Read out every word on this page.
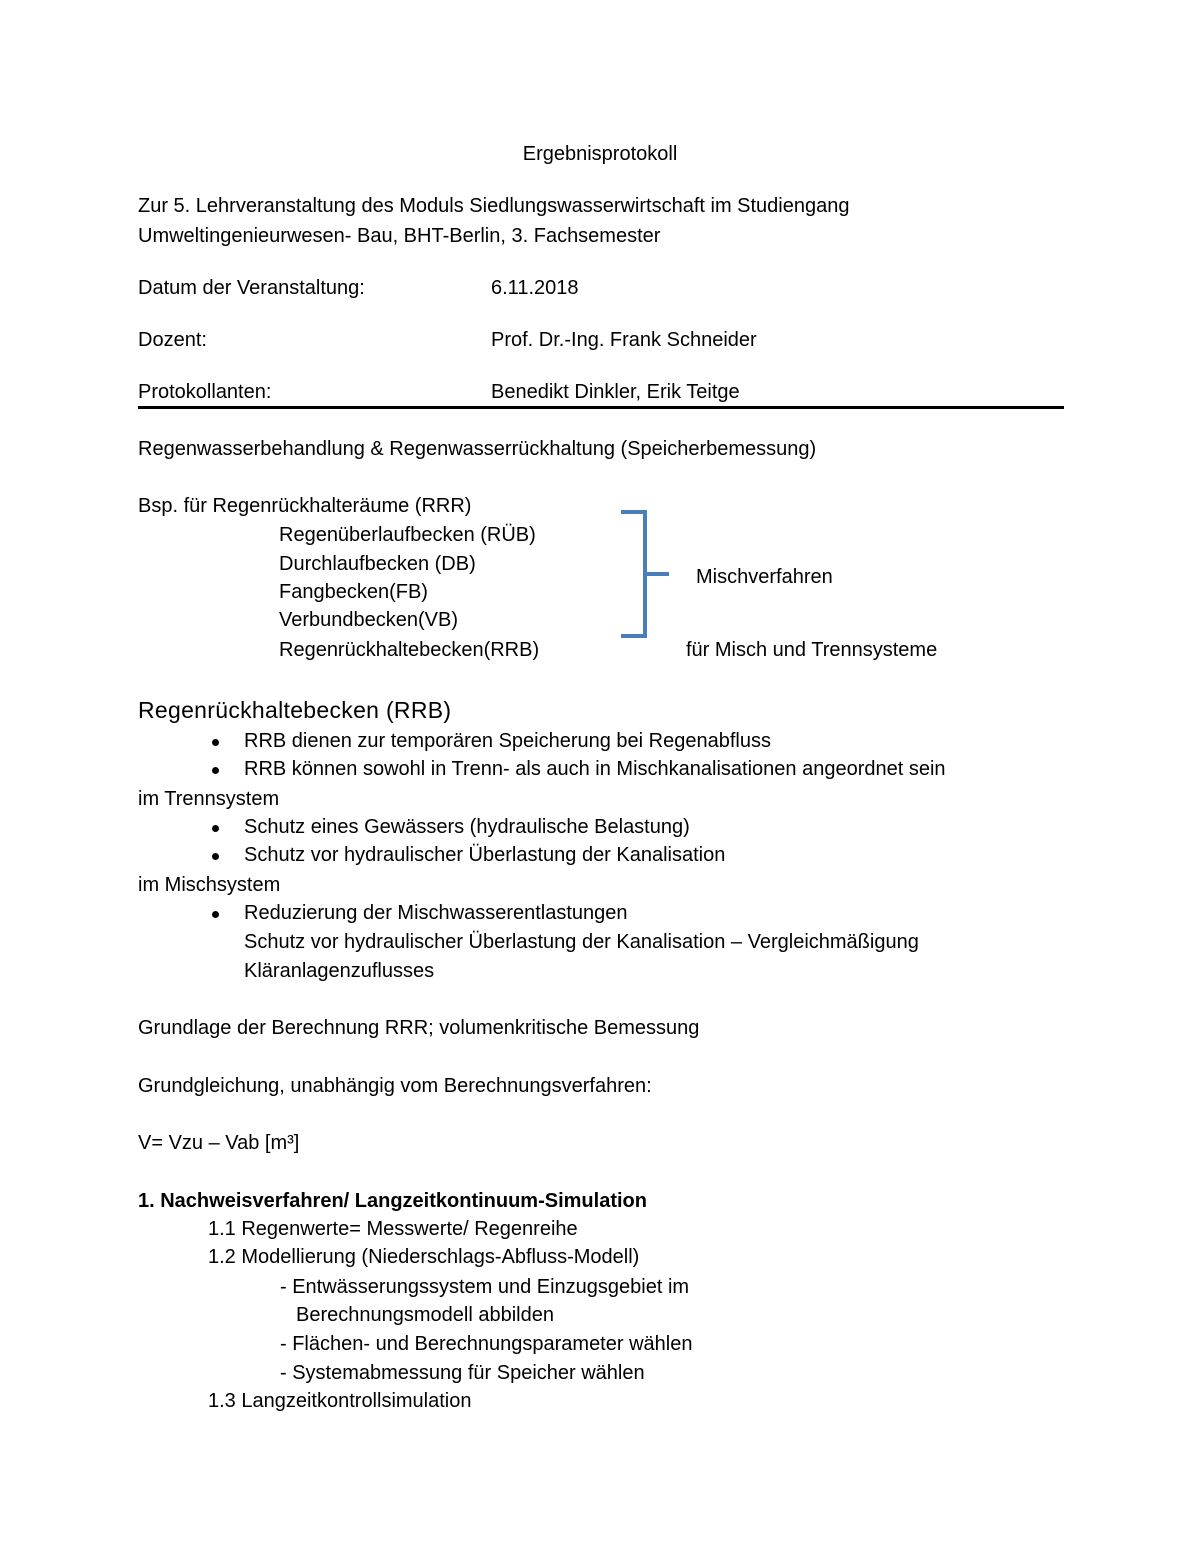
Ergebnisprotokoll
Zur 5. Lehrveranstaltung des Moduls Siedlungswasserwirtschaft im Studiengang
Umweltingenieurwesen- Bau, BHT-Berlin, 3. Fachsemester
Datum der Veranstaltung:	6.11.2018
Dozent:	Prof. Dr.-Ing. Frank Schneider
Protokollanten:	Benedikt Dinkler, Erik Teitge
Regenwasserbehandlung & Regenwasserrückhaltung (Speicherbemessung)
Bsp. für Regenrückhalteräume (RRR)
Regenüberlaufbecken (RÜB)
Durchlaufbecken (DB)
Fangbecken(FB)
Verbundbecken(VB)
Regenrückhaltebecken(RRB)
Mischverfahren
für Misch und Trennsysteme
Regenrückhaltebecken (RRB)
RRB dienen zur temporären Speicherung bei Regenabfluss
RRB können sowohl in Trenn- als auch in Mischkanalisationen angeordnet sein
im Trennsystem
Schutz eines Gewässers (hydraulische Belastung)
Schutz vor hydraulischer Überlastung der Kanalisation
im Mischsystem
Reduzierung der Mischwasserentlastungen
Schutz vor hydraulischer Überlastung der Kanalisation – Vergleichmäßigung
Kläranlagenzuflusses
Grundlage der Berechnung RRR; volumenkritische Bemessung
Grundgleichung, unabhängig vom Berechnungsverfahren:
V= Vzu – Vab [m³]
1. Nachweisverfahren/ Langzeitkontinuum-Simulation
1.1 Regenwerte= Messwerte/ Regenreihe
1.2 Modellierung (Niederschlags-Abfluss-Modell)
- Entwässerungssystem und Einzugsgebiet im
Berechnungsmodell abbilden
- Flächen- und Berechnungsparameter wählen
- Systemabmessung für Speicher wählen
1.3 Langzeitkontrollsimulation
